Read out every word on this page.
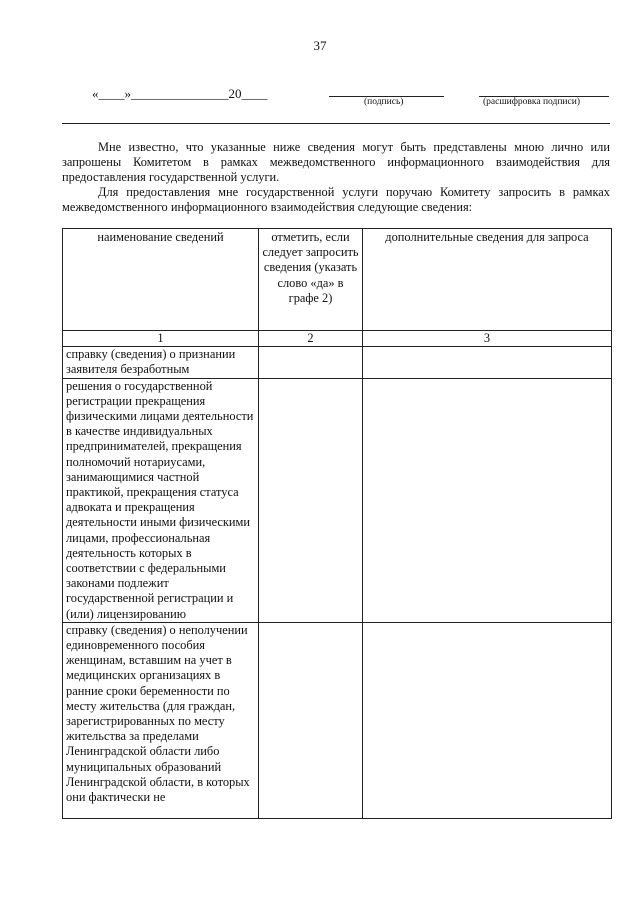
37
«____»_______________20____
(подпись)	(расшифровка подписи)
Мне известно, что указанные ниже сведения могут быть представлены мною лично или запрошены Комитетом в рамках межведомственного информационного взаимодействия для предоставления государственной услуги.
Для предоставления мне государственной услуги поручаю Комитету запросить в рамках межведомственного информационного взаимодействия следующие сведения:
наименование сведений	отметить, если следует запросить сведения (указать слово «да» в графе 2)	дополнительные сведения для запроса
1	2	3
справку (сведения) о признании заявителя безработным		
решения о государственной регистрации прекращения физическими лицами деятельности в качестве индивидуальных предпринимателей, прекращения полномочий нотариусами, занимающимися частной практикой, прекращения статуса адвоката и прекращения деятельности иными физическими лицами, профессиональная деятельность которых в соответствии с федеральными законами подлежит государственной регистрации и (или) лицензированию		
справку (сведения) о неполучении единовременного пособия женщинам, вставшим на учет в медицинских организациях в ранние сроки беременности по месту жительства (для граждан, зарегистрированных по месту жительства за пределами Ленинградской области либо муниципальных образований Ленинградской области, в которых они фактически не		
